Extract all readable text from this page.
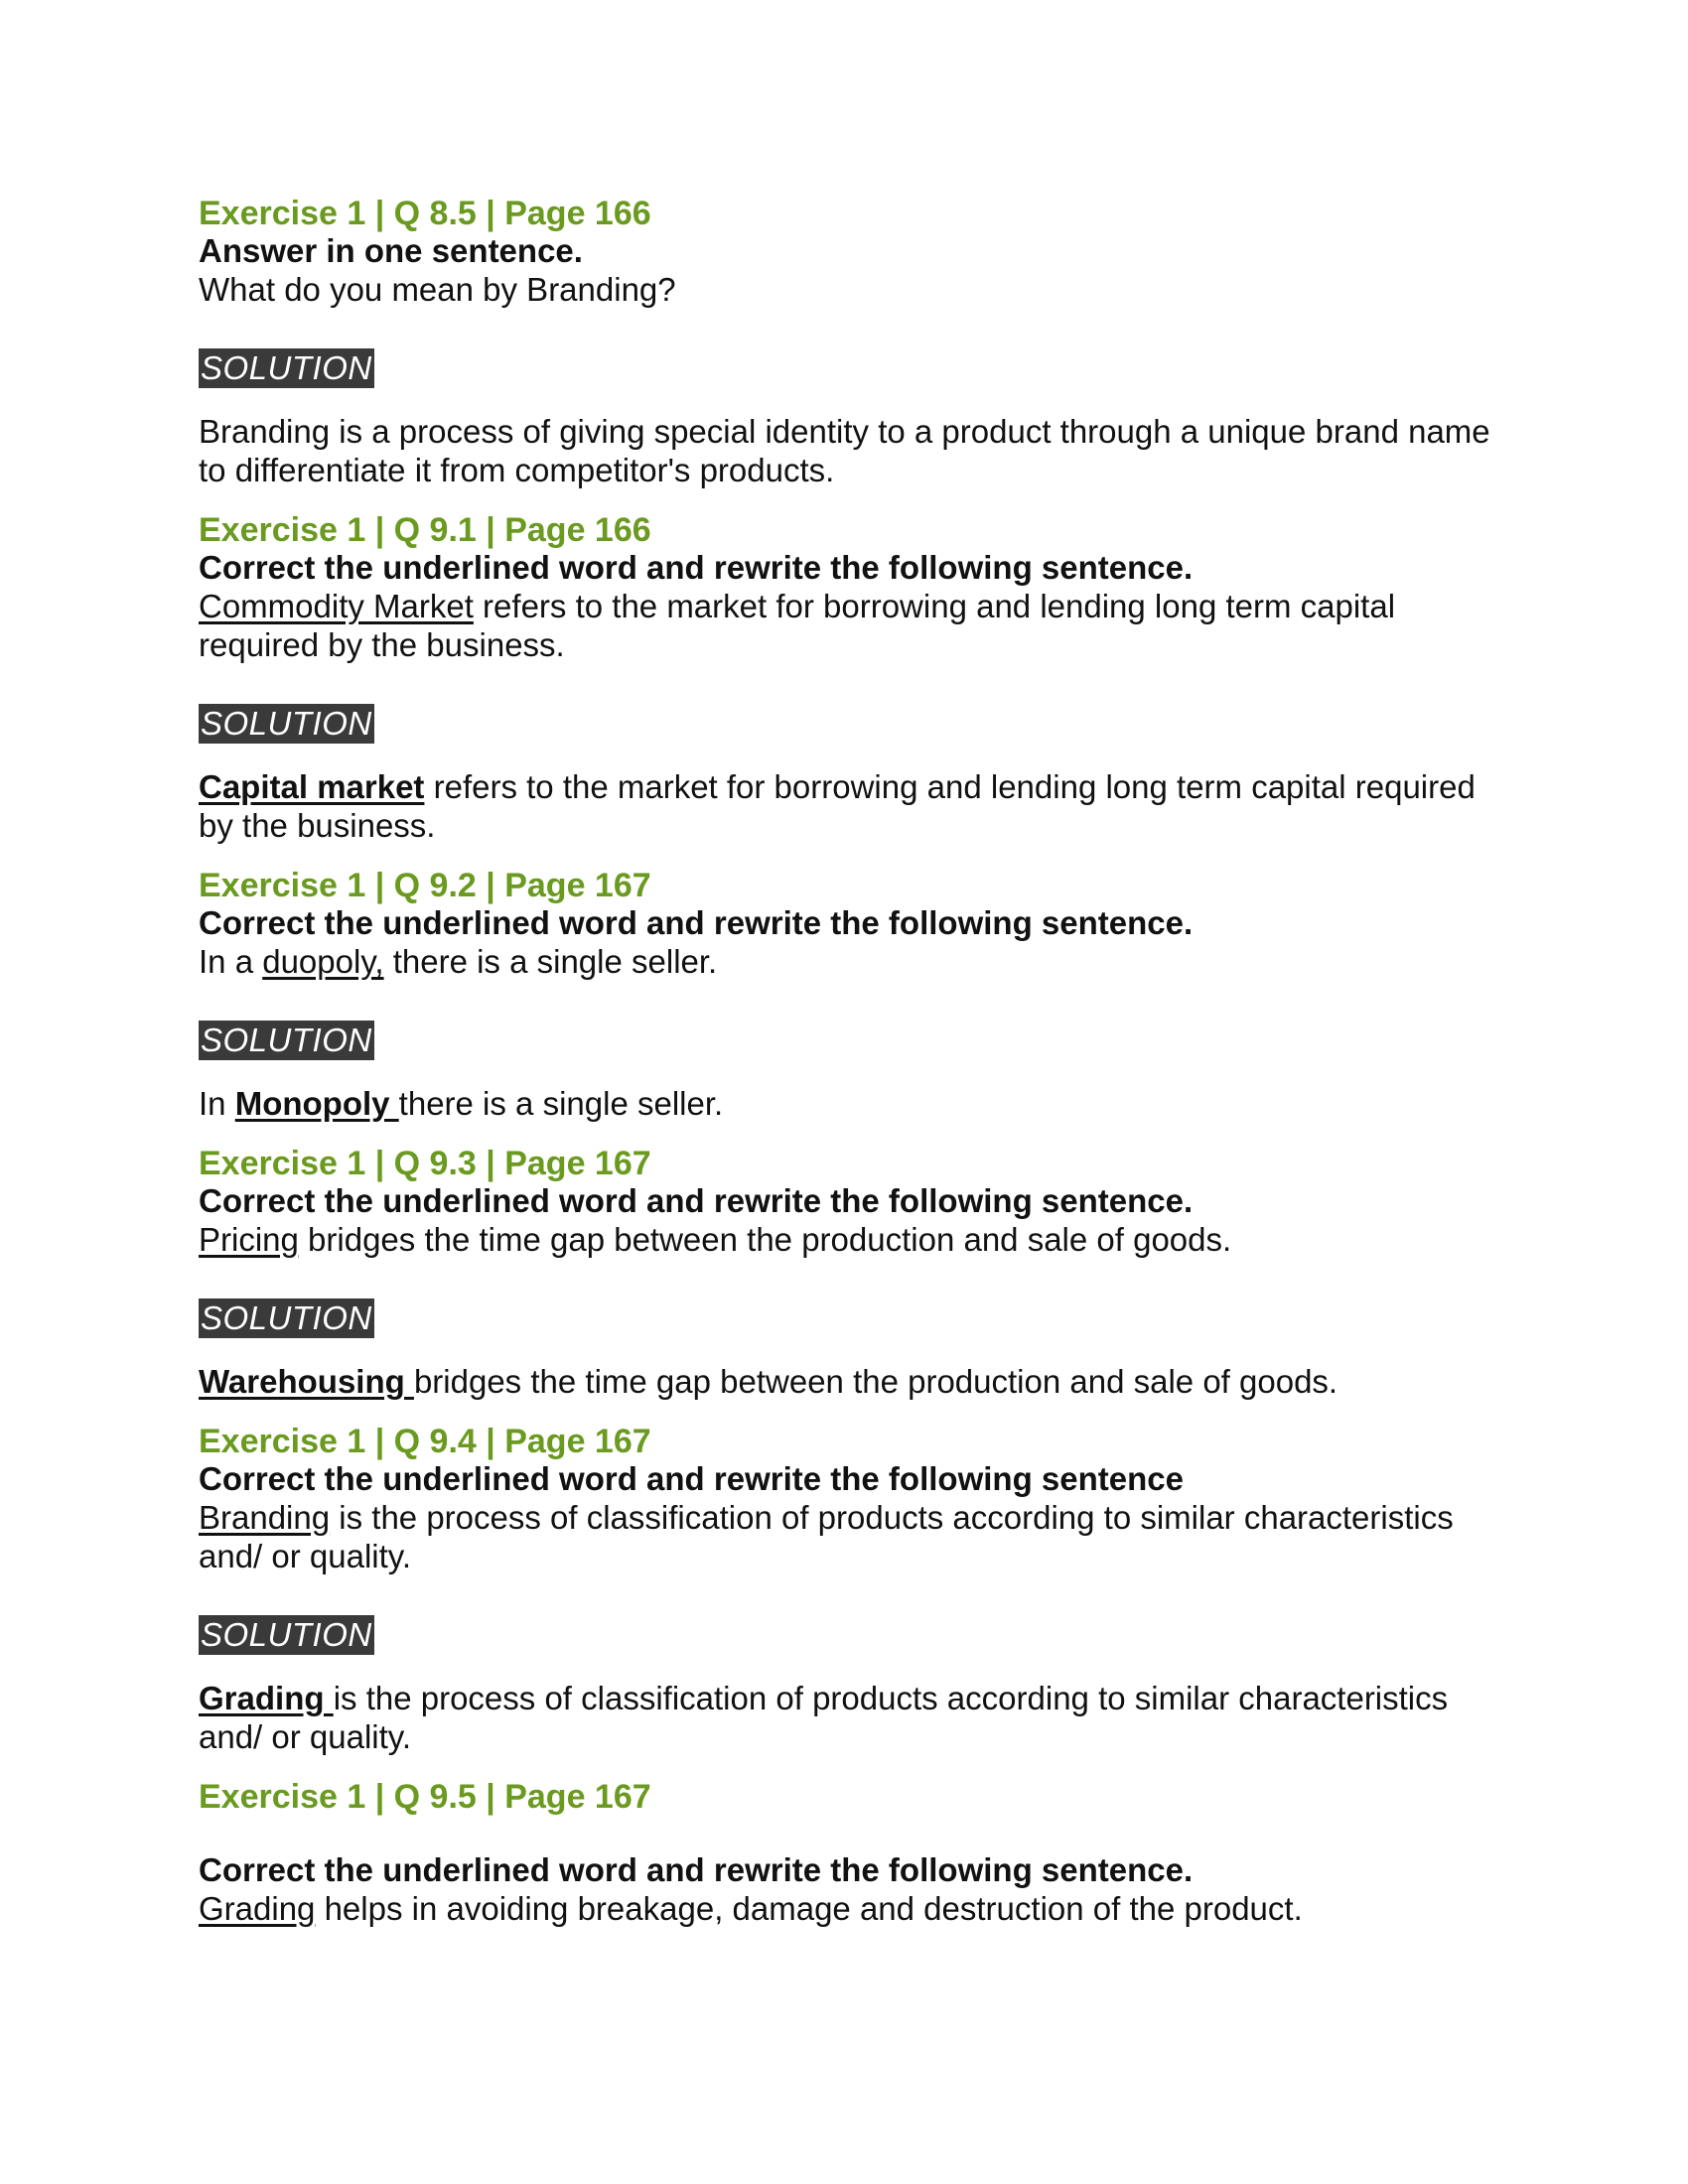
Exercise 1 | Q 8.5 | Page 166

Answer in one sentence.

What do you mean by Branding?

SOLUTION

Branding is a process of giving special identity to a product through a unique brand name to differentiate it from competitor's products.

Exercise 1 | Q 9.1 | Page 166

Correct the underlined word and rewrite the following sentence.

Commodity Market refers to the market for borrowing and lending long term capital required by the business.

SOLUTION

Capital market refers to the market for borrowing and lending long term capital required by the business.

Exercise 1 | Q 9.2 | Page 167

Correct the underlined word and rewrite the following sentence.

In a duopoly, there is a single seller.

SOLUTION

In Monopoly there is a single seller.

Exercise 1 | Q 9.3 | Page 167

Correct the underlined word and rewrite the following sentence.

Pricing bridges the time gap between the production and sale of goods.

SOLUTION

Warehousing bridges the time gap between the production and sale of goods.

Exercise 1 | Q 9.4 | Page 167

Correct the underlined word and rewrite the following sentence

Branding is the process of classification of products according to similar characteristics and/ or quality.

SOLUTION

Grading is the process of classification of products according to similar characteristics and/ or quality.

Exercise 1 | Q 9.5 | Page 167

Correct the underlined word and rewrite the following sentence.

Grading helps in avoiding breakage, damage and destruction of the product.
